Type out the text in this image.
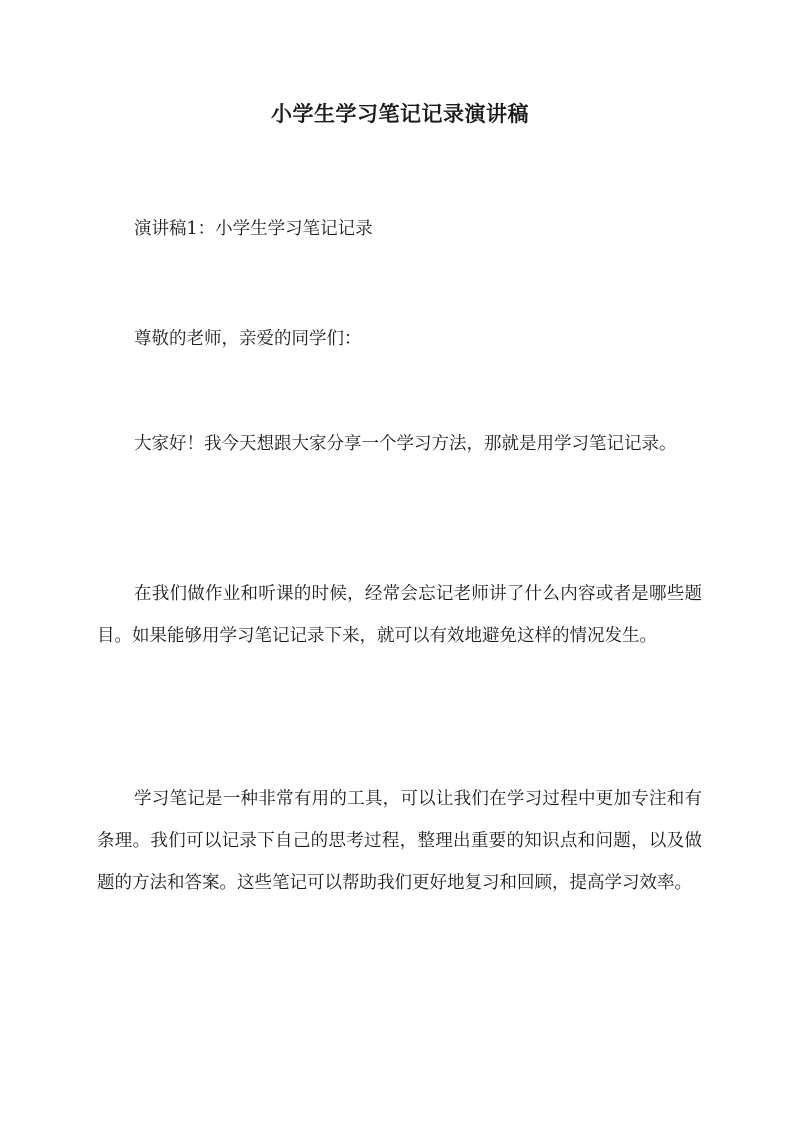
小学生学习笔记记录演讲稿

演讲稿1：小学生学习笔记记录

尊敬的老师，亲爱的同学们：

大家好！我今天想跟大家分享一个学习方法，那就是用学习笔记记录。

在我们做作业和听课的时候，经常会忘记老师讲了什么内容或者是哪些题目。如果能够用学习笔记记录下来，就可以有效地避免这样的情况发生。

学习笔记是一种非常有用的工具，可以让我们在学习过程中更加专注和有条理。我们可以记录下自己的思考过程，整理出重要的知识点和问题，以及做题的方法和答案。这些笔记可以帮助我们更好地复习和回顾，提高学习效率。
